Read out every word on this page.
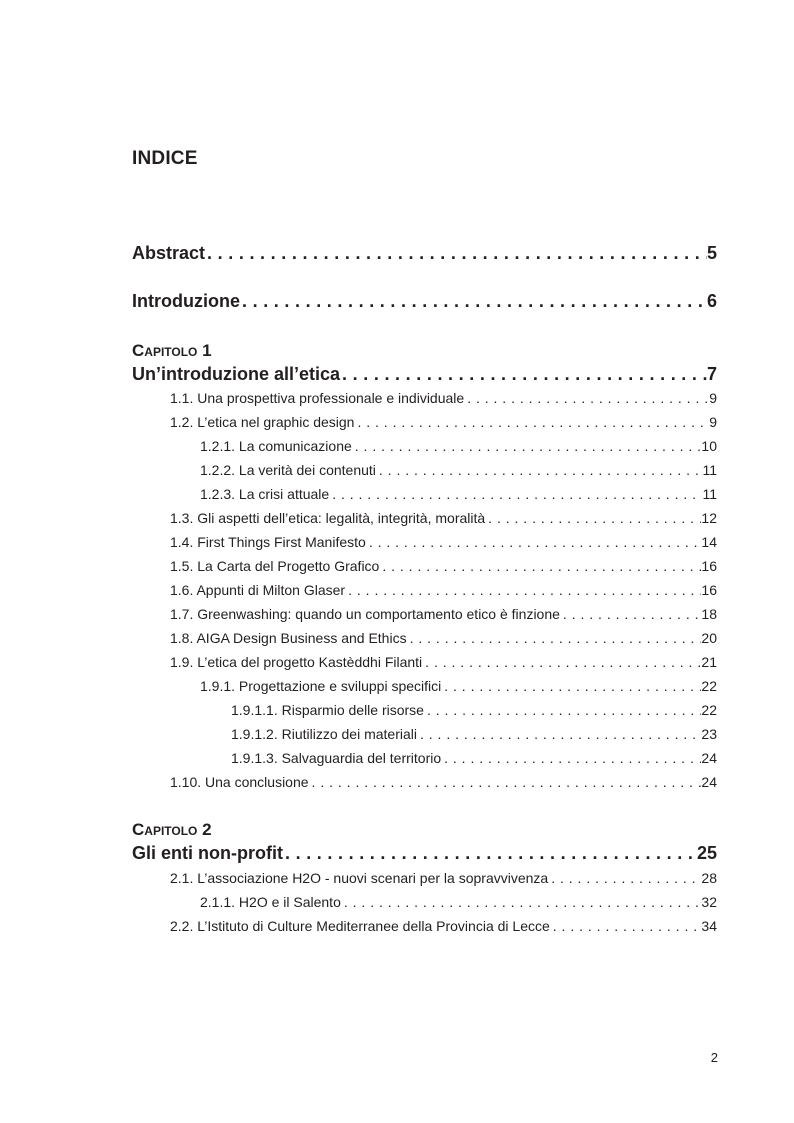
INDICE
Abstract . . .	5
Introduzione . . .	6
Capitolo 1
Un’introduzione all’etica . . .	7
1.1. Una prospettiva professionale e individuale . . .	9
1.2. L’etica nel graphic design . . .	9
1.2.1. La comunicazione . . .	10
1.2.2. La verità dei contenuti . . .	11
1.2.3. La crisi attuale . . .	11
1.3. Gli aspetti dell’etica: legalità, integrità, moralità . . .	12
1.4. First Things First Manifesto . . .	14
1.5. La Carta del Progetto Grafico . . .	16
1.6. Appunti di Milton Glaser . . .	16
1.7. Greenwashing: quando un comportamento etico è finzione . . .	18
1.8. AIGA Design Business and Ethics . . .	20
1.9. L’etica del progetto Kastèddhi Filanti . . .	21
1.9.1. Progettazione e sviluppi specifici . . .	22
1.9.1.1. Risparmio delle risorse . . .	22
1.9.1.2. Riutilizzo dei materiali . . .	23
1.9.1.3. Salvaguardia del territorio . . .	24
1.10. Una conclusione . . .	24
Capitolo 2
Gli enti non-profit . . .	25
2.1. L’associazione H2O - nuovi scenari per la sopravvivenza . . .	28
2.1.1. H2O e il Salento . . .	32
2.2. L’Istituto di Culture Mediterranee della Provincia di Lecce . . .	34
2
